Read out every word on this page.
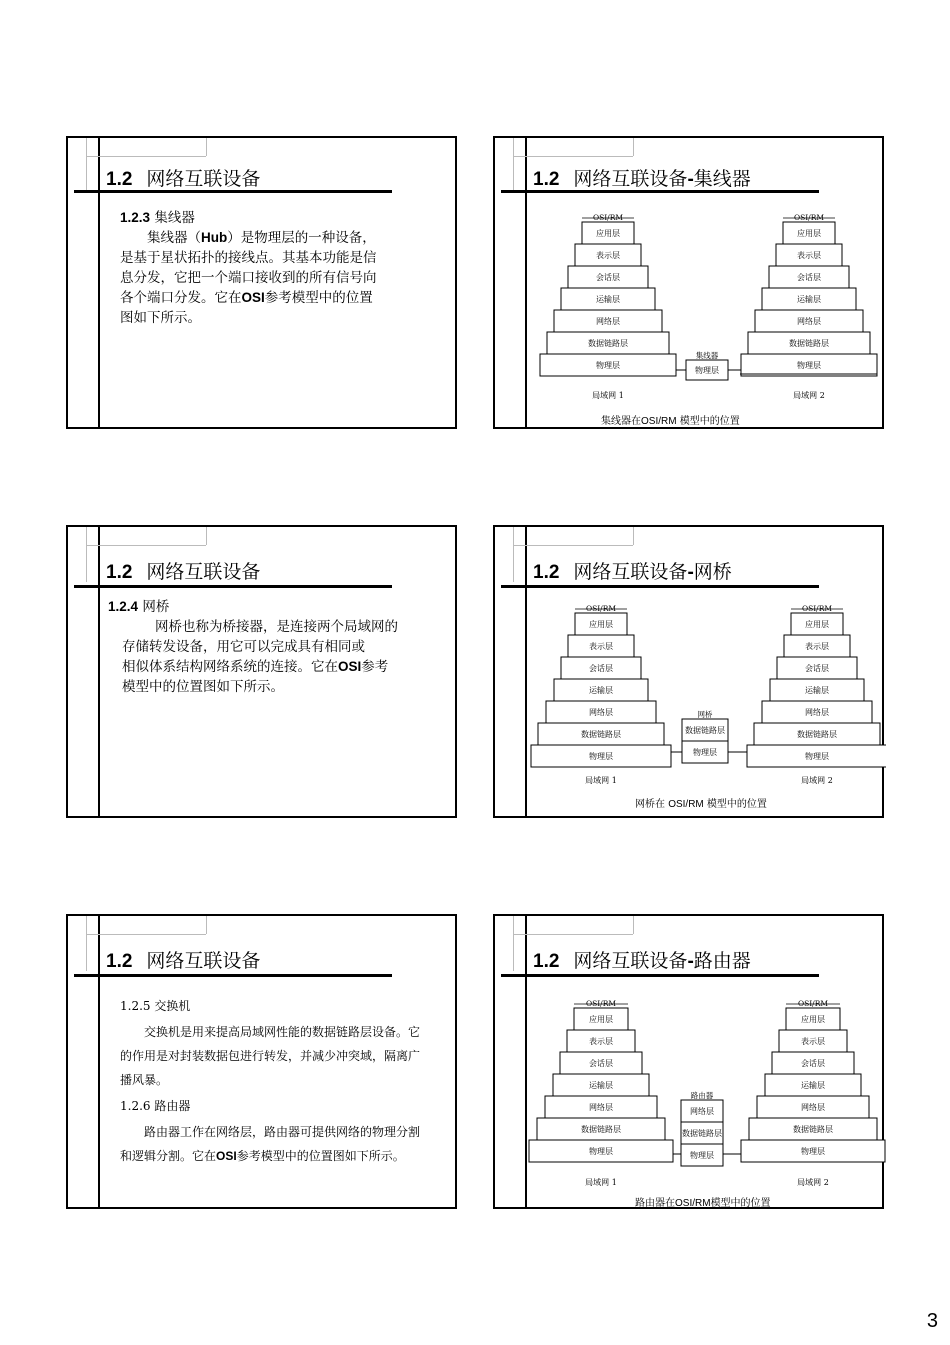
1.2 网络互联设备
1.2.3 集线器
集线器（Hub）是物理层的一种设备，
是基于星状拓扑的接线点。其基本功能是信
息分发，它把一个端口接收到的所有信号向
各个端口分发。它在OSI参考模型中的位置
图如下所示。
1.2 网络互联设备-集线器
OSI/RM
应用层
表示层
会话层
运输层
网络层
数据链路层
物理层
OSI/RM
应用层
表示层
会话层
运输层
网络层
数据链路层
物理层
集线器
物理层
局域网 1	局域网 2
集线器在OSI/RM 模型中的位置
1.2 网络互联设备
1.2.4 网桥
网桥也称为桥接器，是连接两个局域网的
存储转发设备，用它可以完成具有相同或
相似体系结构网络系统的连接。它在OSI参考
模型中的位置图如下所示。
1.2 网络互联设备-网桥
OSI/RM
应用层
表示层
会话层
运输层
网络层
数据链路层
物理层
OSI/RM
应用层
表示层
会话层
运输层
网络层
数据链路层
物理层
网桥
数据链路层
物理层
局域网 1	局域网 2
网桥在 OSI/RM 模型中的位置
1.2 网络互联设备
1.2.5 交换机
交换机是用来提高局域网性能的数据链路层设备。它
的作用是对封装数据包进行转发，并减少冲突域，隔离广
播风暴。
1.2.6 路由器
路由器工作在网络层，路由器可提供网络的物理分割
和逻辑分割。它在OSI参考模型中的位置图如下所示。
1.2 网络互联设备-路由器
OSI/RM
应用层
表示层
会话层
运输层
网络层
数据链路层
物理层
OSI/RM
应用层
表示层
会话层
运输层
网络层
数据链路层
物理层
路由器
网络层
数据链路层
物理层
局域网 1	局域网 2
路由器在OSI/RM模型中的位置
3
